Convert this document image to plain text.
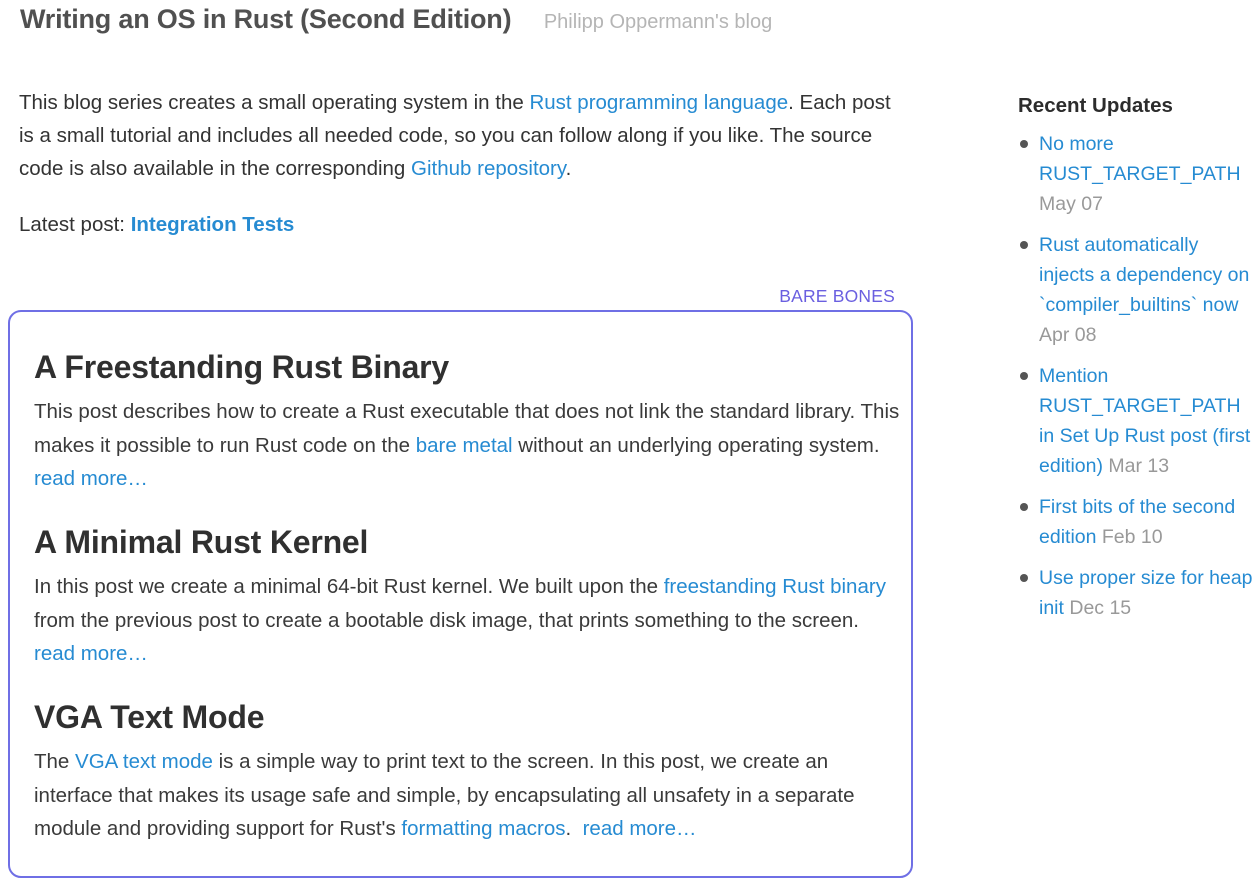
Writing an OS in Rust (Second Edition) Philipp Oppermann's blog
This blog series creates a small operating system in the Rust programming language. Each post is a small tutorial and includes all needed code, so you can follow along if you like. The source code is also available in the corresponding Github repository.
Latest post: Integration Tests
BARE BONES
A Freestanding Rust Binary

This post describes how to create a Rust executable that does not link the standard library. This makes it possible to run Rust code on the bare metal without an underlying operating system.  read more…

A Minimal Rust Kernel

In this post we create a minimal 64-bit Rust kernel. We built upon the freestanding Rust binary from the previous post to create a bootable disk image, that prints something to the screen.  read more…

VGA Text Mode

The VGA text mode is a simple way to print text to the screen. In this post, we create an interface that makes its usage safe and simple, by encapsulating all unsafety in a separate module and providing support for Rust's formatting macros. read more…

Recent Updates
No more RUST_TARGET_PATH May 07
Rust automatically injects a dependency on `compiler_builtins` now Apr 08
Mention RUST_TARGET_PATH in Set Up Rust post (first edition) Mar 13
First bits of the second edition Feb 10
Use proper size for heap init Dec 15
